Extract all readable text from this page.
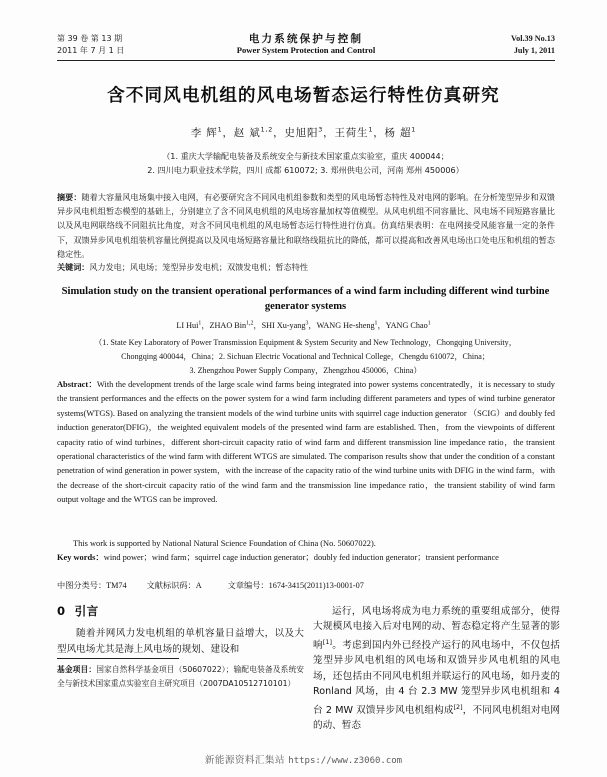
第 39 卷 第 13 期
2011 年 7 月 1 日
电力系统保护与控制
Power System Protection and Control
Vol.39 No.13
July 1, 2011
含不同风电机组的风电场暂态运行特性仿真研究
李 辉$^1$，赵 斌$^{1,2}$，史旭阳$^3$，王荷生$^1$，杨 超$^1$
（1. 重庆大学输配电装备及系统安全与新技术国家重点实验室，重庆 400044；
2. 四川电力职业技术学院，四川 成都 610072; 3. 郑州供电公司，河南 郑州 450006）
摘要：随着大容量风电场集中接入电网，有必要研究含不同风电机组参数和类型的风电场暂态特性及对电网的影响。在分析笼型异步和双馈异步风电机组暂态模型的基础上，分别建立了含不同风电机组的风电场容量加权等值模型。从风电机组不同容量比、风电场不同短路容量比以及风电网联络线不同阻抗比角度，对含不同风电机组的风电场暂态运行特性进行仿真。仿真结果表明：在电网接受风能容量一定的条件下，双馈异步风电机组装机容量比例提高以及风电场短路容量比和联络线阻抗比的降低，都可以提高和改善风电场出口处电压和机组的暂态稳定性。
关键词：风力发电；风电场；笼型异步发电机；双馈发电机；暂态特性
Simulation study on the transient operational performances of a wind farm including different wind turbine generator systems
LI Hui$^1$，ZHAO Bin$^{1,2}$，SHI Xu-yang$^3$，WANG He-sheng$^1$，YANG Chao$^1$
（1. State Key Laboratory of Power Transmission Equipment & System Security and New Technology，Chongqing University，
Chongqing 400044，China；2. Sichuan Electric Vocational and Technical College，Chengdu 610072，China；
3. Zhengzhou Power Supply Company，Zhengzhou 450006，China）
Abstract：With the development trends of the large scale wind farms being integrated into power systems concentratedly，it is necessary to study the transient performances and the effects on the power system for a wind farm including different parameters and types of wind turbine generator systems(WTGS). Based on analyzing the transient models of the wind turbine units with squirrel cage induction generator （SCIG）and doubly fed induction generator(DFIG)，the weighted equivalent models of the presented wind farm are established. Then，from the viewpoints of different capacity ratio of wind turbines，different short-circuit capacity ratio of wind farm and different transmission line impedance ratio，the transient operational characteristics of the wind farm with different WTGS are simulated. The comparison results show that under the condition of a constant penetration of wind generation in power system，with the increase of the capacity ratio of the wind turbine units with DFIG in the wind farm，with the decrease of the short-circuit capacity ratio of the wind farm and the transmission line impedance ratio，the transient stability of wind farm output voltage and the WTGS can be improved.
This work is supported by National Natural Science Foundation of China (No. 50607022).
Key words：wind power；wind farm；squirrel cage induction generator；doubly fed induction generator；transient performance
中图分类号：TM74 文献标识码：A	文章编号：1674-3415(2011)13-0001-07
0 引言

随着并网风力发电机组的单机容量日益增大，以及大型风电场尤其是海上风电场的规划、建设和

运行，风电场将成为电力系统的重要组成部分，使得大规模风电接入后对电网的动、暂态稳定将产生显著的影响[1]。考虑到国内外已经投产运行的风电场中，不仅包括笼型异步风电机组的风电场和双馈异步风电机组的风电场，还包括由不同风电机组并联运行的风电场，如丹麦的 Ronland 风场，由 4 台 2.3 MW 笼型异步风电机组和 4 台 2 MW 双馈异步风电机组构成[2]，不同风电机组对电网的动、暂态

基金项目：国家自然科学基金项目（50607022）；输配电装备及系统安全与新技术国家重点实验室自主研究项目（2007DA10512710101）
新能源资料汇集站 https://www.z3060.com
